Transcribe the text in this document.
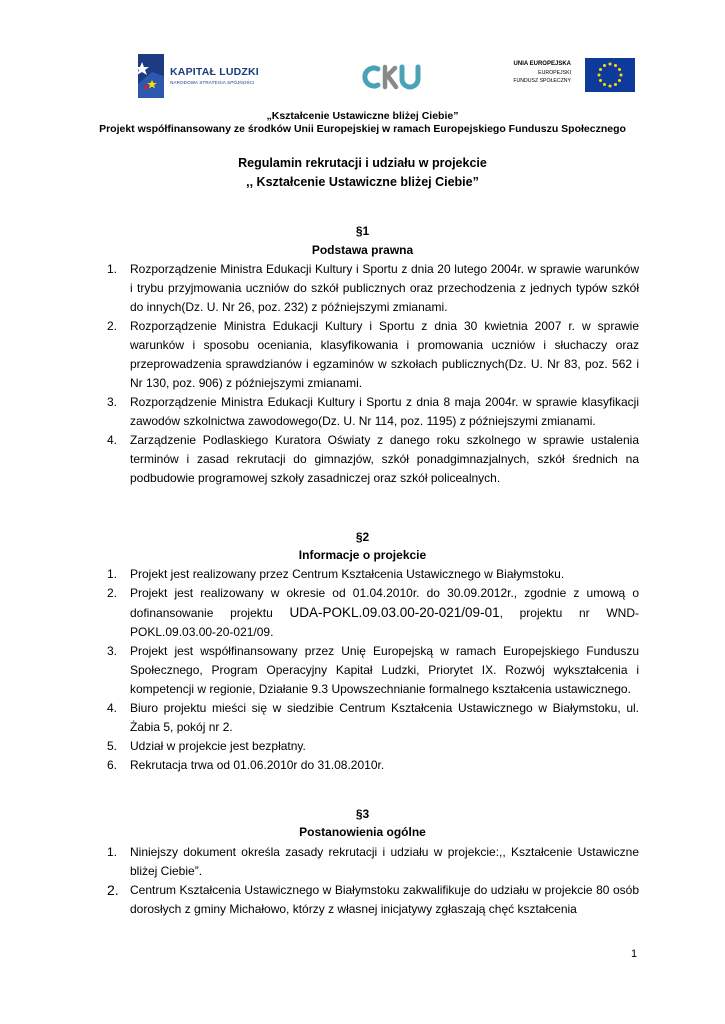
KAPITAŁ LUDZKI
NARODOWA STRATEGIA SPÓJNOŚCI
CKU	UNIA EUROPEJSKA
EUROPEJSKI
FUNDUSZ SPOŁECZNY
„Kształcenie Ustawiczne bliżej Ciebie”
Projekt współfinansowany ze środków Unii Europejskiej w ramach Europejskiego Funduszu Społecznego
Regulamin rekrutacji i udziału w projekcie
,, Kształcenie Ustawiczne bliżej Ciebie”
§1
Podstawa prawna
1. Rozporządzenie Ministra Edukacji Kultury i Sportu z dnia 20 lutego 2004r. w sprawie warunków i trybu przyjmowania uczniów do szkół publicznych oraz przechodzenia z jednych typów szkół do innych(Dz. U. Nr 26, poz. 232) z późniejszymi zmianami.
2. Rozporządzenie Ministra Edukacji Kultury i Sportu z dnia 30 kwietnia 2007 r. w sprawie warunków i sposobu oceniania, klasyfikowania i promowania uczniów i słuchaczy oraz przeprowadzenia sprawdzianów i egzaminów w szkołach publicznych(Dz. U. Nr 83, poz. 562 i Nr 130, poz. 906) z późniejszymi zmianami.
3. Rozporządzenie Ministra Edukacji Kultury i Sportu z dnia 8 maja 2004r. w sprawie klasyfikacji zawodów szkolnictwa zawodowego(Dz. U. Nr 114, poz. 1195) z późniejszymi zmianami.
4. Zarządzenie Podlaskiego Kuratora Oświaty z danego roku szkolnego w sprawie ustalenia terminów i zasad rekrutacji do gimnazjów, szkół ponadgimnazjalnych, szkół średnich na podbudowie programowej szkoły zasadniczej oraz szkół policealnych.
§2
Informacje o projekcie
1. Projekt jest realizowany przez Centrum Kształcenia Ustawicznego w Białymstoku.
2. Projekt jest realizowany w okresie od 01.04.2010r. do 30.09.2012r., zgodnie z umową o dofinansowanie projektu UDA-POKL.09.03.00-20-021/09-01, projektu nr WND-POKL.09.03.00-20-021/09.
3. Projekt jest współfinansowany przez Unię Europejską w ramach Europejskiego Funduszu Społecznego, Program Operacyjny Kapitał Ludzki, Priorytet IX. Rozwój wykształcenia i kompetencji w regionie, Działanie 9.3 Upowszechnianie formalnego kształcenia ustawicznego.
4. Biuro projektu mieści się w siedzibie Centrum Kształcenia Ustawicznego w Białymstoku, ul. Żabia 5, pokój nr 2.
5. Udział w projekcie jest bezpłatny.
6. Rekrutacja trwa od 01.06.2010r do 31.08.2010r.
§3
Postanowienia ogólne
1. Niniejszy dokument określa zasady rekrutacji i udziału w projekcie:,, Kształcenie Ustawiczne bliżej Ciebie”.
2. Centrum Kształcenia Ustawicznego w Białymstoku zakwalifikuje do udziału w projekcie 80 osób dorosłych z gminy Michałowo, którzy z własnej inicjatywy zgłaszają chęć kształcenia
1
